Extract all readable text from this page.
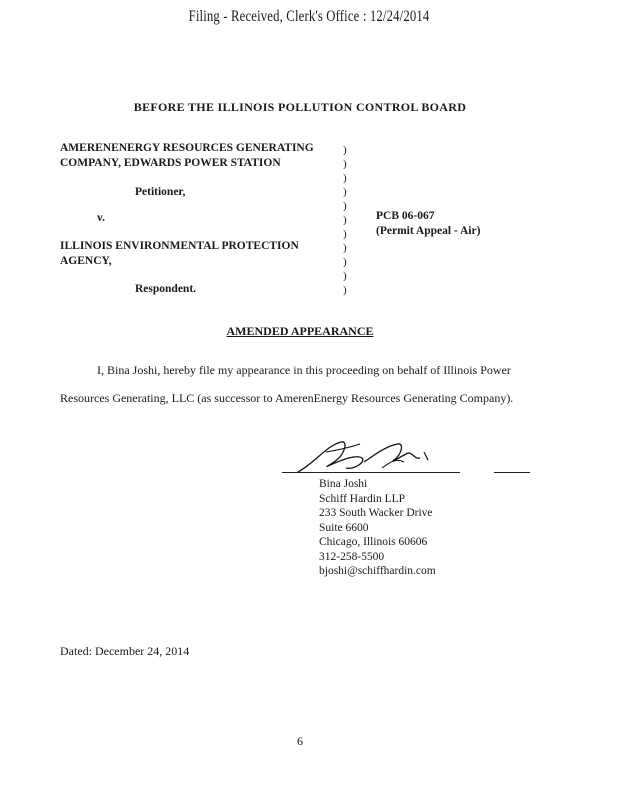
Filing - Received, Clerk's Office : 12/24/2014
BEFORE THE ILLINOIS POLLUTION CONTROL BOARD
AMERENENERGY RESOURCES GENERATING
COMPANY, EDWARDS POWER STATION
Petitioner,
v.
ILLINOIS ENVIRONMENTAL PROTECTION
AGENCY,
Respondent.
)
)
)
)
)
)
)
)
)
)
)
PCB 06-067
(Permit Appeal - Air)
AMENDED APPEARANCE
I, Bina Joshi, hereby file my appearance in this proceeding on behalf of Illinois Power
Resources Generating, LLC (as successor to AmerenEnergy Resources Generating Company).
Bina Joshi
Schiff Hardin LLP
233 South Wacker Drive
Suite 6600
Chicago, Illinois 60606
312-258-5500
bjoshi@schiffhardin.com
Dated: December 24, 2014
6
